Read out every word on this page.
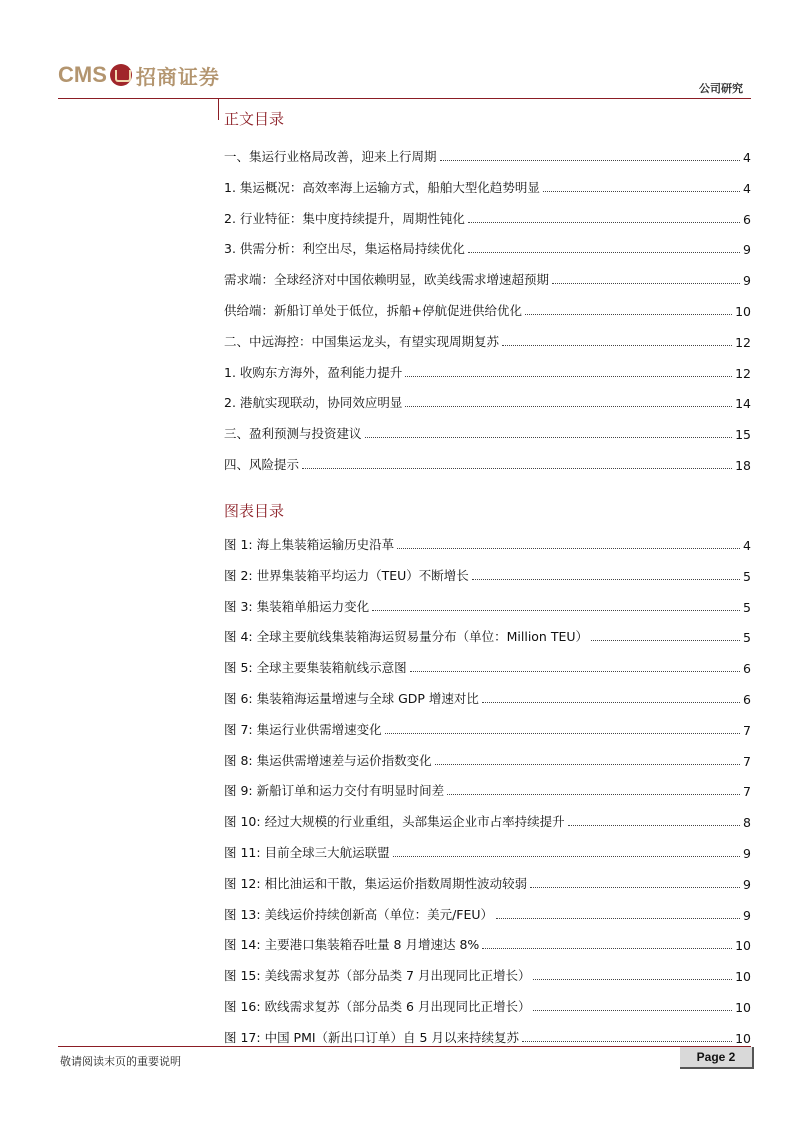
CMS 招商证券	公司研究
正文目录
一、集运行业格局改善，迎来上行周期	4
1. 集运概况：高效率海上运输方式，船舶大型化趋势明显	4
2. 行业特征：集中度持续提升，周期性钝化	6
3. 供需分析：利空出尽，集运格局持续优化	9
需求端：全球经济对中国依赖明显，欧美线需求增速超预期	9
供给端：新船订单处于低位，拆船+停航促进供给优化	10
二、中远海控：中国集运龙头，有望实现周期复苏	12
1. 收购东方海外，盈利能力提升	12
2. 港航实现联动，协同效应明显	14
三、盈利预测与投资建议	15
四、风险提示	18
图表目录
图 1: 海上集装箱运输历史沿革	4
图 2: 世界集装箱平均运力（TEU）不断增长	5
图 3: 集装箱单船运力变化	5
图 4: 全球主要航线集装箱海运贸易量分布（单位：Million TEU）	5
图 5: 全球主要集装箱航线示意图	6
图 6: 集装箱海运量增速与全球 GDP 增速对比	6
图 7: 集运行业供需增速变化	7
图 8: 集运供需增速差与运价指数变化	7
图 9: 新船订单和运力交付有明显时间差	7
图 10: 经过大规模的行业重组，头部集运企业市占率持续提升	8
图 11: 目前全球三大航运联盟	9
图 12: 相比油运和干散，集运运价指数周期性波动较弱	9
图 13: 美线运价持续创新高（单位：美元/FEU）	9
图 14: 主要港口集装箱吞吐量 8 月增速达 8%	10
图 15: 美线需求复苏（部分品类 7 月出现同比正增长）	10
图 16: 欧线需求复苏（部分品类 6 月出现同比正增长）	10
图 17: 中国 PMI（新出口订单）自 5 月以来持续复苏	10
敬请阅读末页的重要说明	Page 2
